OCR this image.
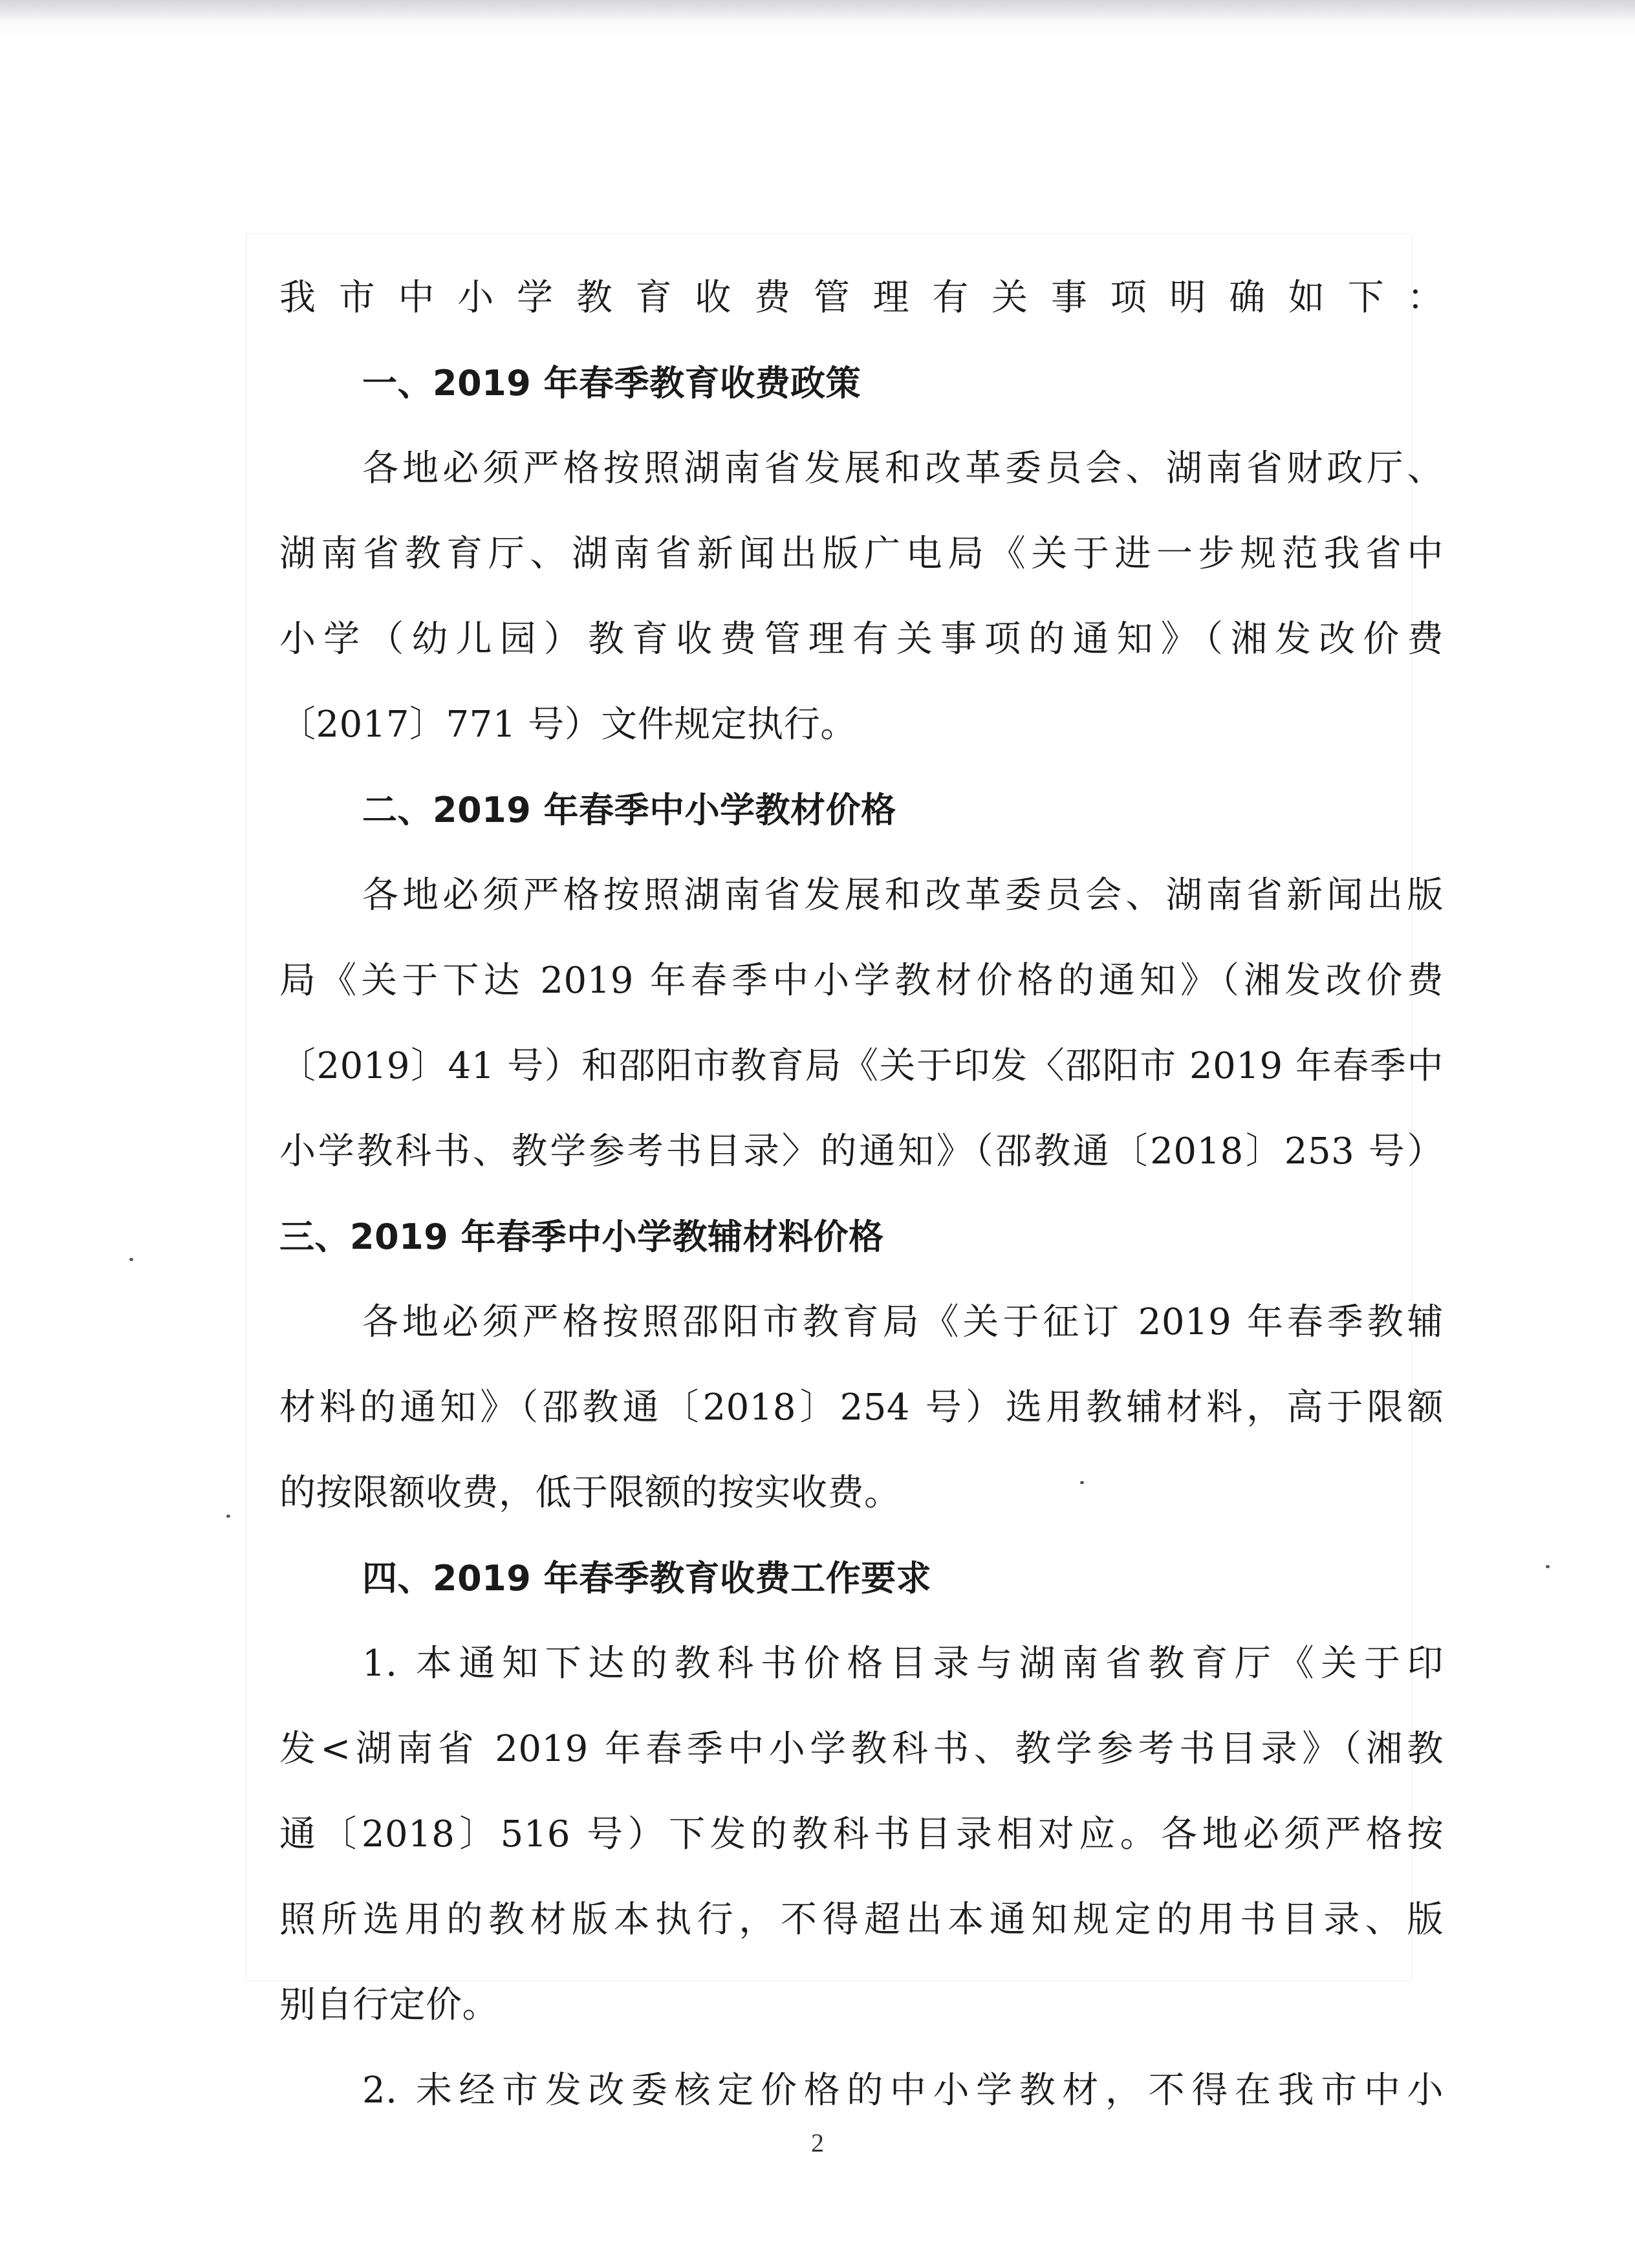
我市中小学教育收费管理有关事项明确如下：
一、2019 年春季教育收费政策
各地必须严格按照湖南省发展和改革委员会、湖南省财政厅、
湖南省教育厅、湖南省新闻出版广电局《关于进一步规范我省中
小学（幼儿园）教育收费管理有关事项的通知》（湘发改价费
〔2017〕771 号）文件规定执行。
二、2019 年春季中小学教材价格
各地必须严格按照湖南省发展和改革委员会、湖南省新闻出版
局《关于下达 2019 年春季中小学教材价格的通知》（湘发改价费
〔2019〕41 号）和邵阳市教育局《关于印发〈邵阳市 2019 年春季中
小学教科书、教学参考书目录〉的通知》（邵教通〔2018〕253 号）
三、2019 年春季中小学教辅材料价格
各地必须严格按照邵阳市教育局《关于征订 2019 年春季教辅
材料的通知》（邵教通〔2018〕254 号）选用教辅材料，高于限额
的按限额收费，低于限额的按实收费。
四、2019 年春季教育收费工作要求
1. 本通知下达的教科书价格目录与湖南省教育厅《关于印
发<湖南省 2019 年春季中小学教科书、教学参考书目录》（湘教
通〔2018〕516 号）下发的教科书目录相对应。各地必须严格按
照所选用的教材版本执行，不得超出本通知规定的用书目录、版
别自行定价。
2. 未经市发改委核定价格的中小学教材，不得在我市中小
2
